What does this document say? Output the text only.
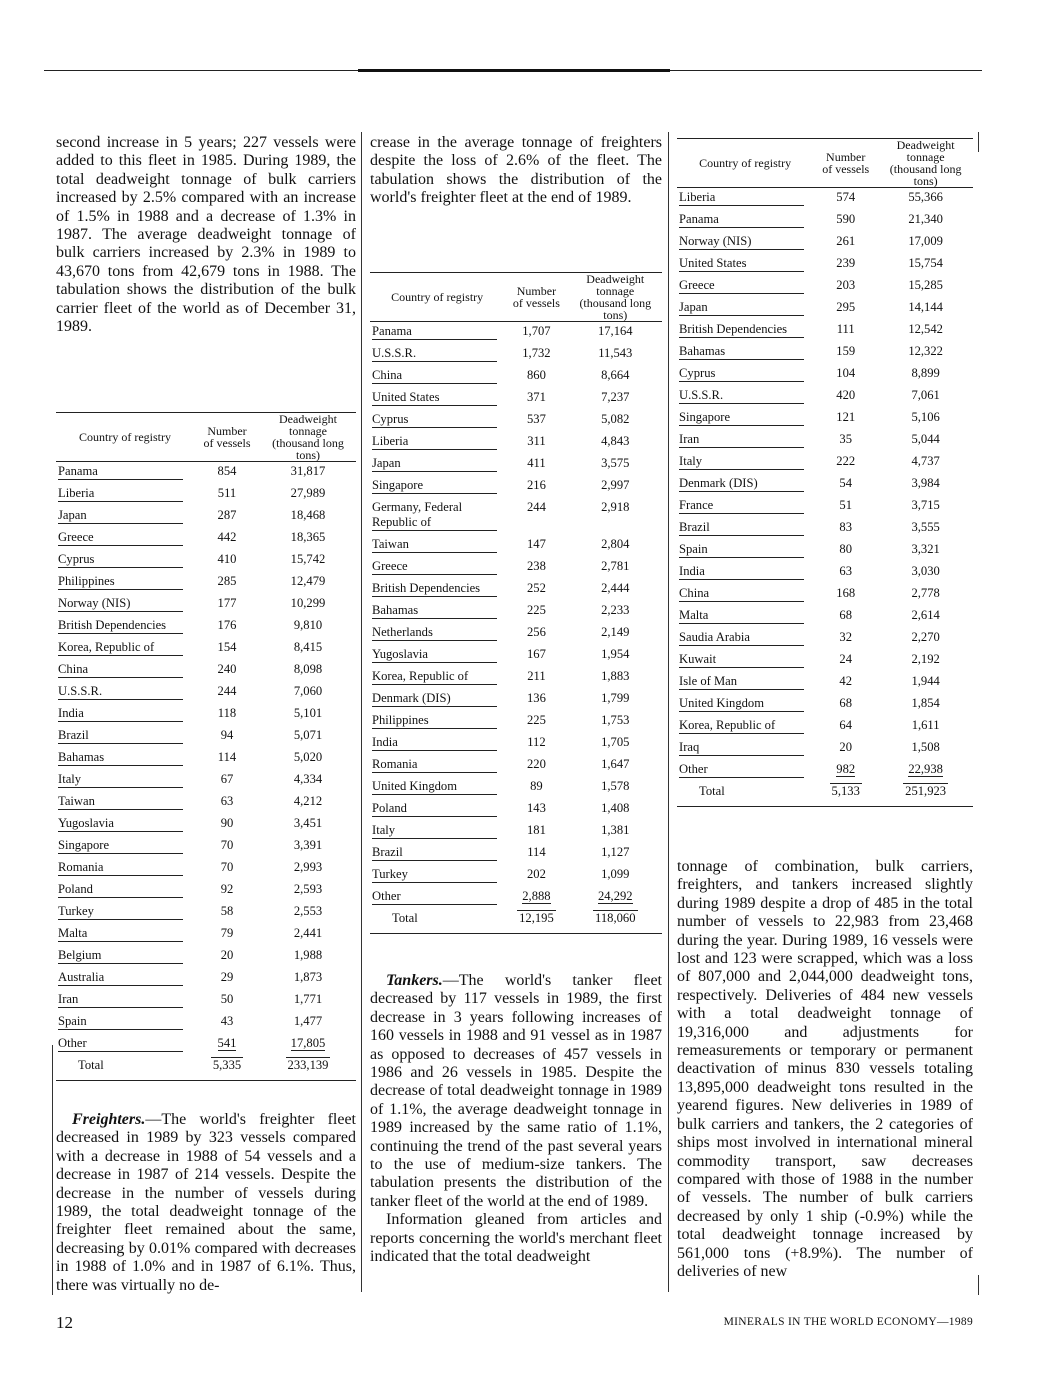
second increase in 5 years; 227 vessels were added to this fleet in 1985. During 1989, the total deadweight tonnage of bulk carriers increased by 2.5% compared with an increase of 1.5% in 1988 and a decrease of 1.3% in 1987. The average deadweight tonnage of bulk carriers increased by 2.3% in 1989 to 43,670 tons from 42,679 tons in 1988. The tabulation shows the distribution of the bulk carrier fleet of the world as of December 31, 1989.

Country of registry	Number of vessels	Deadweight tonnage (thousand long tons)
Panama	854	31,817
Liberia	511	27,989
Japan	287	18,468
Greece	442	18,365
Cyprus	410	15,742
Philippines	285	12,479
Norway (NIS)	177	10,299
British Dependencies	176	9,810
Korea, Republic of	154	8,415
China	240	8,098
U.S.S.R.	244	7,060
India	118	5,101
Brazil	94	5,071
Bahamas	114	5,020
Italy	67	4,334
Taiwan	63	4,212
Yugoslavia	90	3,451
Singapore	70	3,391
Romania	70	2,993
Poland	92	2,593
Turkey	58	2,553
Malta	79	2,441
Belgium	20	1,988
Australia	29	1,873
Iran	50	1,771
Spain	43	1,477
Other	541	17,805
Total	5,335	233,139

Freighters.—The world's freighter fleet decreased in 1989 by 323 vessels compared with a decrease in 1988 of 54 vessels and a decrease in 1987 of 214 vessels. Despite the decrease in the number of vessels during 1989, the total deadweight tonnage of the freighter fleet remained about the same, decreasing by 0.01% compared with decreases in 1988 of 1.0% and in 1987 of 6.1%. Thus, there was virtually no de-

crease in the average tonnage of freighters despite the loss of 2.6% of the fleet. The tabulation shows the distribution of the world's freighter fleet at the end of 1989.

Country of registry	Number of vessels	Deadweight tonnage (thousand long tons)
Panama	1,707	17,164
U.S.S.R.	1,732	11,543
China	860	8,664
United States	371	7,237
Cyprus	537	5,082
Liberia	311	4,843
Japan	411	3,575
Singapore	216	2,997
Germany, Federal Republic of	244	2,918
Taiwan	147	2,804
Greece	238	2,781
British Dependencies	252	2,444
Bahamas	225	2,233
Netherlands	256	2,149
Yugoslavia	167	1,954
Korea, Republic of	211	1,883
Denmark (DIS)	136	1,799
Philippines	225	1,753
India	112	1,705
Romania	220	1,647
United Kingdom	89	1,578
Poland	143	1,408
Italy	181	1,381
Brazil	114	1,127
Turkey	202	1,099
Other	2,888	24,292
Total	12,195	118,060

Tankers.—The world's tanker fleet decreased by 117 vessels in 1989, the first decrease in 3 years following increases of 160 vessels in 1988 and 91 vessel as in 1987 as opposed to decreases of 457 vessels in 1986 and 26 vessels in 1985. Despite the decrease of total deadweight tonnage in 1989 of 1.1%, the average deadweight tonnage in 1989 increased by the same ratio of 1.1%, continuing the trend of the past several years to the use of medium-size tankers. The tabulation presents the distribution of the tanker fleet of the world at the end of 1989.

Information gleaned from articles and reports concerning the world's merchant fleet indicated that the total deadweight

Country of registry	Number of vessels	Deadweight tonnage (thousand long tons)
Liberia	574	55,366
Panama	590	21,340
Norway (NIS)	261	17,009
United States	239	15,754
Greece	203	15,285
Japan	295	14,144
British Dependencies	111	12,542
Bahamas	159	12,322
Cyprus	104	8,899
U.S.S.R.	420	7,061
Singapore	121	5,106
Iran	35	5,044
Italy	222	4,737
Denmark (DIS)	54	3,984
France	51	3,715
Brazil	83	3,555
Spain	80	3,321
India	63	3,030
China	168	2,778
Malta	68	2,614
Saudia Arabia	32	2,270
Kuwait	24	2,192
Isle of Man	42	1,944
United Kingdom	68	1,854
Korea, Republic of	64	1,611
Iraq	20	1,508
Other	982	22,938
Total	5,133	251,923

tonnage of combination, bulk carriers, freighters, and tankers increased slightly during 1989 despite a drop of 485 in the total number of vessels to 22,983 from 23,468 during the year. During 1989, 16 vessels were lost and 123 were scrapped, which was a loss of 807,000 and 2,044,000 deadweight tons, respectively. Deliveries of 484 new vessels with a total deadweight tonnage of 19,316,000 and adjustments for remeasurements or temporary or permanent deactivation of minus 830 vessels totaling 13,895,000 deadweight tons resulted in the yearend figures. New deliveries in 1989 of bulk carriers and tankers, the 2 categories of ships most involved in international mineral commodity transport, saw decreases compared with those of 1988 in the number of vessels. The number of bulk carriers decreased by only 1 ship (-0.9%) while the total deadweight tonnage increased by 561,000 tons (+8.9%). The number of deliveries of new

12	MINERALS IN THE WORLD ECONOMY—1989
